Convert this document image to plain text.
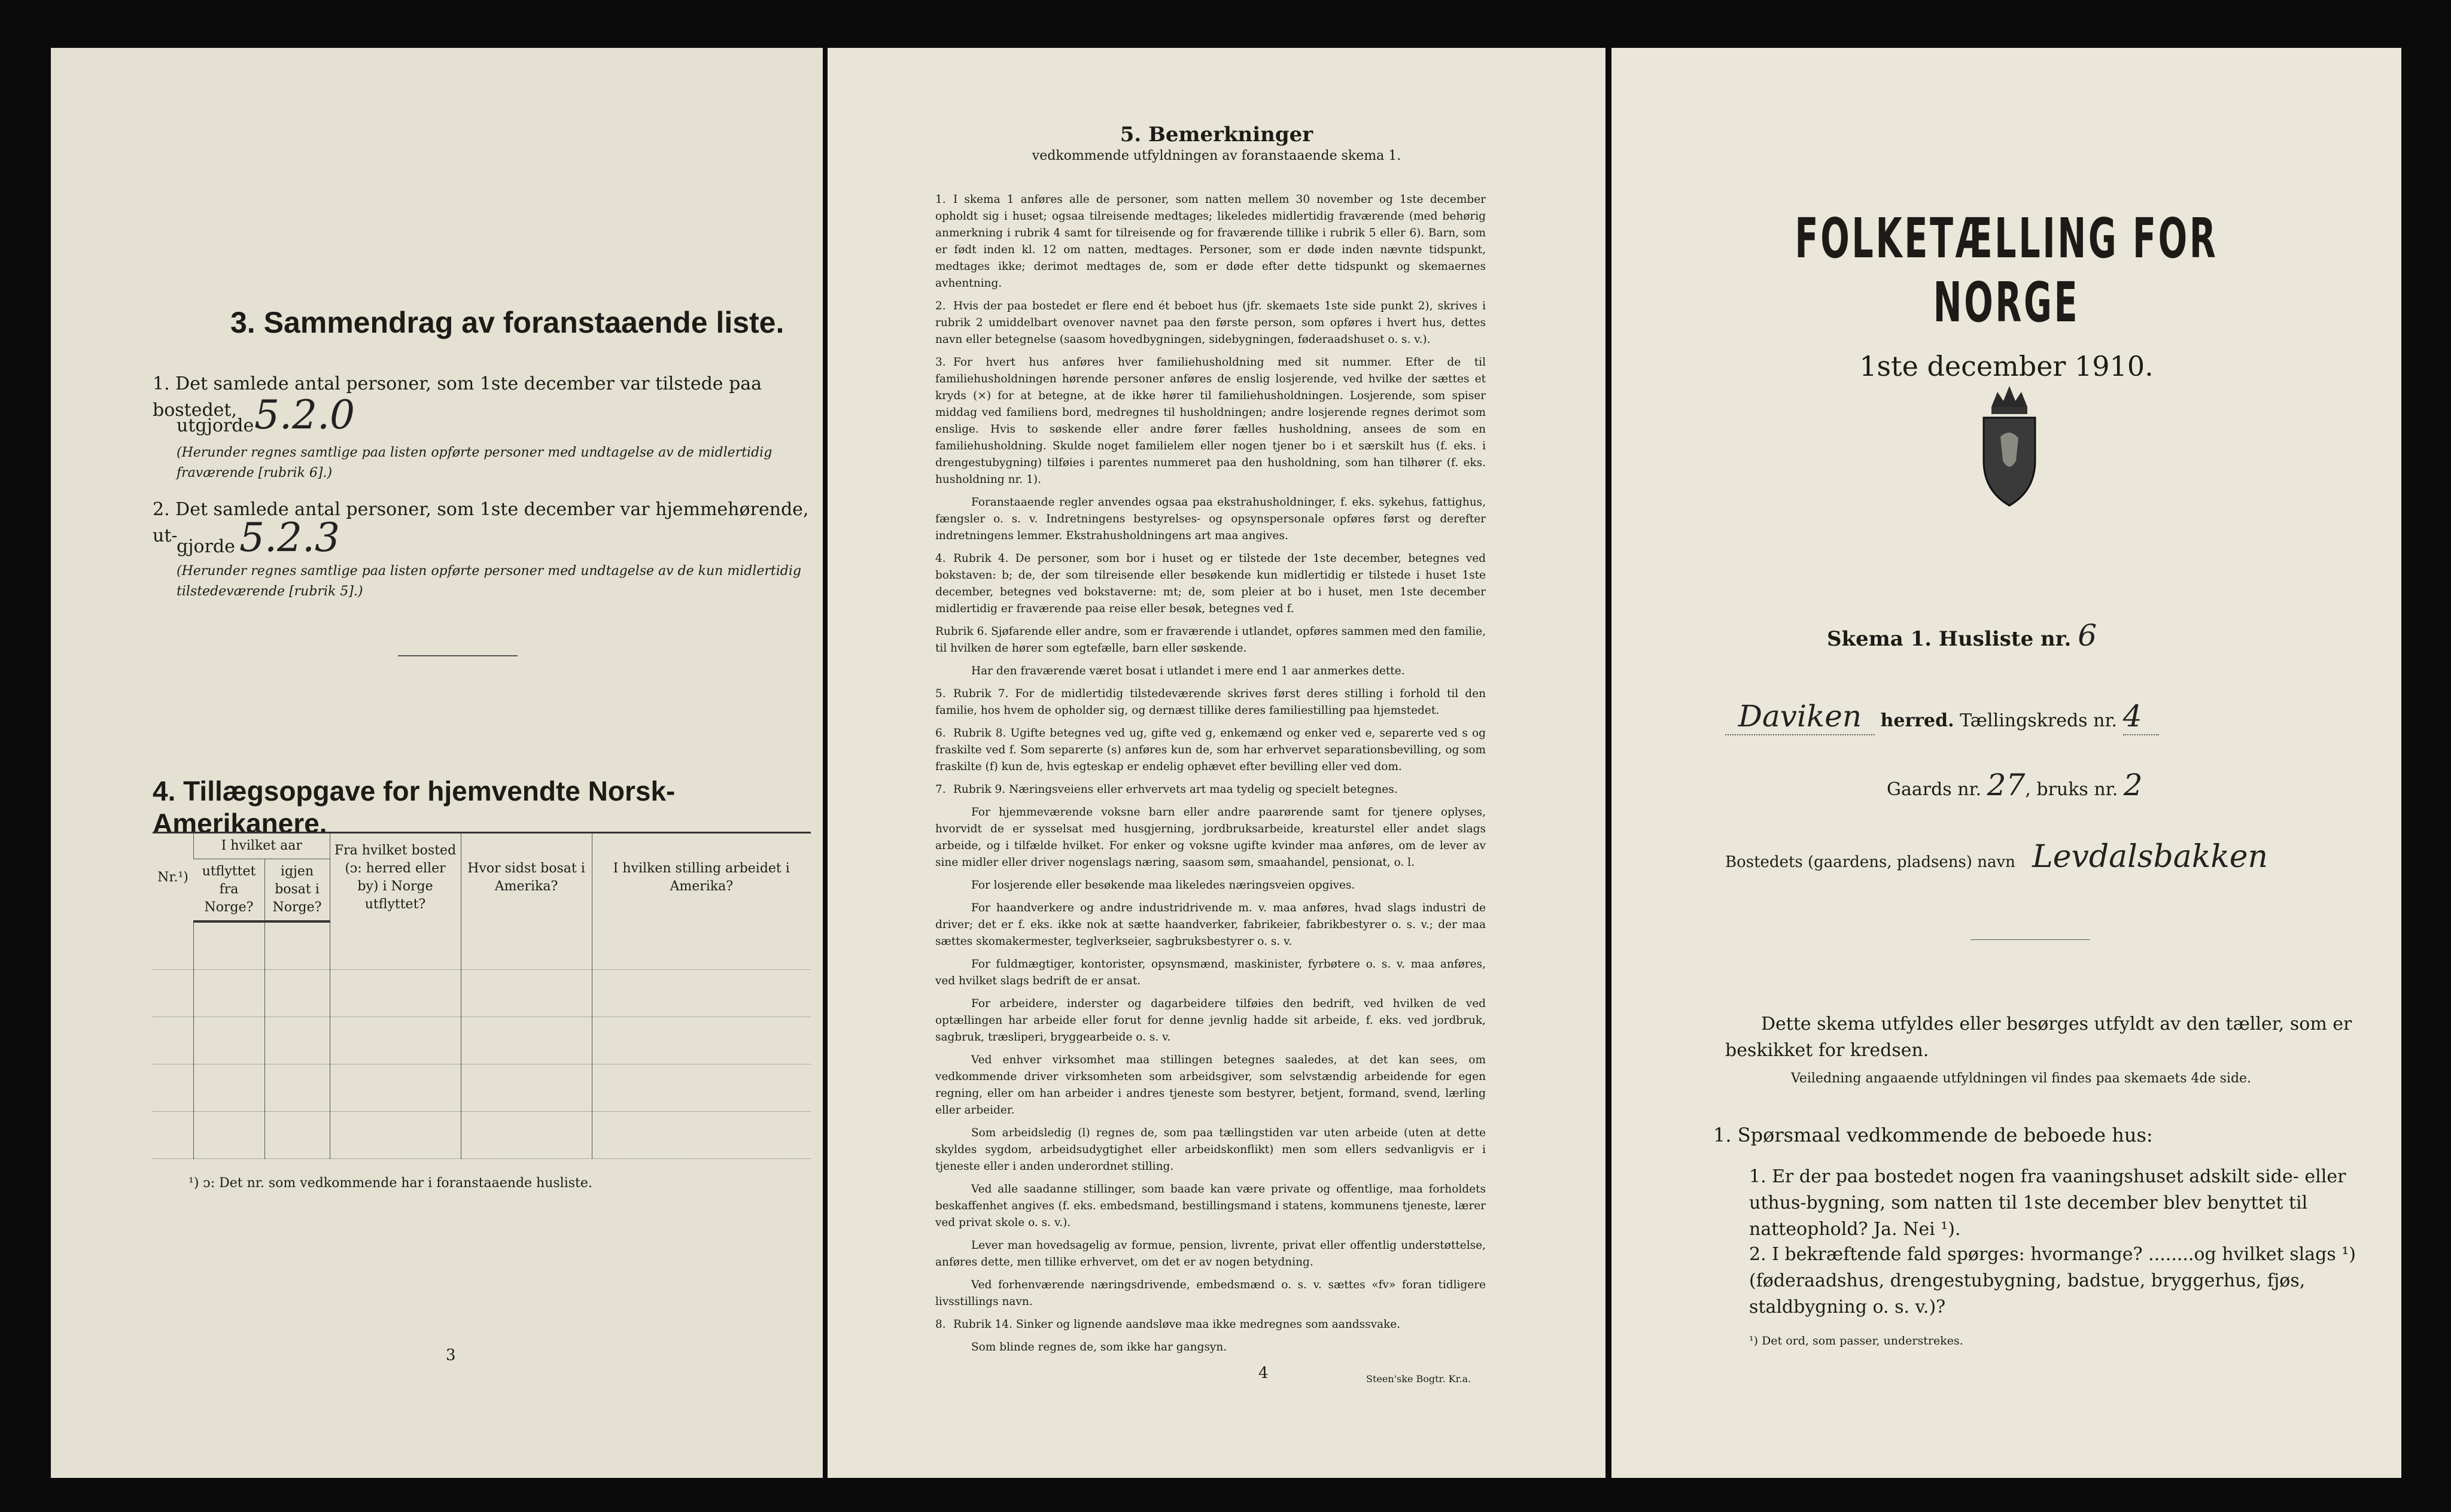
3. Sammendrag av foranstaaende liste.
1. Det samlede antal personer, som 1ste december var tilstede paa bostedet,
utgjorde 5.2.0
(Herunder regnes samtlige paa listen opførte personer med undtagelse av de midlertidig fraværende [rubrik 6].)
2. Det samlede antal personer, som 1ste december var hjemmehørende, ut-
gjorde 5.2.3
(Herunder regnes samtlige paa listen opførte personer med undtagelse av de kun midlertidig tilstedeværende [rubrik 5].)
4. Tillægsopgave for hjemvendte Norsk-Amerikanere.
Nr.¹)	I hvilket aar		Fra hvilket bosted (ᴐ: herred eller by) i Norge utflyttet?	Hvor sidst bosat i Amerika?	I hvilken stilling arbeidet i Amerika?
	utflyttet fra Norge?	igjen bosat i Norge?			

¹) ᴐ: Det nr. som vedkommende har i foranstaaende husliste.
3
5. Bemerkninger
vedkommende utfyldningen av foranstaaende skema 1.

1. I skema 1 anføres alle de personer, som natten mellem 30 november og 1ste december opholdt sig i huset; ogsaa tilreisende medtages; likeledes midlertidig fraværende (med behørig anmerkning i rubrik 4 samt for tilreisende og for fraværende tillike i rubrik 5 eller 6). Barn, som er født inden kl. 12 om natten, medtages. Personer, som er døde inden nævnte tidspunkt, medtages ikke; derimot medtages de, som er døde efter dette tidspunkt og skemaernes avhentning.

2. Hvis der paa bostedet er flere end ét beboet hus (jfr. skemaets 1ste side punkt 2), skrives i rubrik 2 umiddelbart ovenover navnet paa den første person, som opføres i hvert hus, dettes navn eller betegnelse (saasom hovedbygningen, sidebygningen, føderaadshuset o. s. v.).

3. For hvert hus anføres hver familiehusholdning med sit nummer. Efter de til familiehusholdningen hørende personer anføres de enslig losjerende, ved hvilke der sættes et kryds (×) for at betegne, at de ikke hører til familiehusholdningen. Losjerende, som spiser middag ved familiens bord, medregnes til husholdningen; andre losjerende regnes derimot som enslige. Hvis to søskende eller andre fører fælles husholdning, ansees de som en familiehusholdning. Skulde noget familielem eller nogen tjener bo i et særskilt hus (f. eks. i drengestubygning) tilføies i parentes nummeret paa den husholdning, som han tilhører (f. eks. husholdning nr. 1).

Foranstaaende regler anvendes ogsaa paa ekstrahusholdninger, f. eks. sykehus, fattighus, fængsler o. s. v. Indretningens bestyrelses- og opsynspersonale opføres først og derefter indretningens lemmer. Ekstrahusholdningens art maa angives.

4. Rubrik 4. De personer, som bor i huset og er tilstede der 1ste december, betegnes ved bokstaven: b; de, der som tilreisende eller besøkende kun midlertidig er tilstede i huset 1ste december, betegnes ved bokstaverne: mt; de, som pleier at bo i huset, men 1ste december midlertidig er fraværende paa reise eller besøk, betegnes ved f.

Rubrik 6. Sjøfarende eller andre, som er fraværende i utlandet, opføres sammen med den familie, til hvilken de hører som egtefælle, barn eller søskende.

Har den fraværende været bosat i utlandet i mere end 1 aar anmerkes dette.

5. Rubrik 7. For de midlertidig tilstedeværende skrives først deres stilling i forhold til den familie, hos hvem de opholder sig, og dernæst tillike deres familiestilling paa hjemstedet.

6. Rubrik 8. Ugifte betegnes ved ug, gifte ved g, enkemænd og enker ved e, separerte ved s og fraskilte ved f. Som separerte (s) anføres kun de, som har erhvervet separationsbevilling, og som fraskilte (f) kun de, hvis egteskap er endelig ophævet efter bevilling eller ved dom.

7. Rubrik 9. Næringsveiens eller erhvervets art maa tydelig og specielt betegnes.

For hjemmeværende voksne barn eller andre paarørende samt for tjenere oplyses, hvorvidt de er sysselsat med husgjerning, jordbruksarbeide, kreaturstel eller andet slags arbeide, og i tilfælde hvilket. For enker og voksne ugifte kvinder maa anføres, om de lever av sine midler eller driver nogenslags næring, saasom søm, smaahandel, pensionat, o. l.

For losjerende eller besøkende maa likeledes næringsveien opgives.

For haandverkere og andre industridrivende m. v. maa anføres, hvad slags industri de driver; det er f. eks. ikke nok at sætte haandverker, fabrikeier, fabrikbestyrer o. s. v.; der maa sættes skomakermester, teglverkseier, sagbruksbestyrer o. s. v.

For fuldmægtiger, kontorister, opsynsmænd, maskinister, fyrbøtere o. s. v. maa anføres, ved hvilket slags bedrift de er ansat.

For arbeidere, inderster og dagarbeidere tilføies den bedrift, ved hvilken de ved optællingen har arbeide eller forut for denne jevnlig hadde sit arbeide, f. eks. ved jordbruk, sagbruk, træsliperi, bryggearbeide o. s. v.

Ved enhver virksomhet maa stillingen betegnes saaledes, at det kan sees, om vedkommende driver virksomheten som arbeidsgiver, som selvstændig arbeidende for egen regning, eller om han arbeider i andres tjeneste som bestyrer, betjent, formand, svend, lærling eller arbeider.

Som arbeidsledig (l) regnes de, som paa tællingstiden var uten arbeide (uten at dette skyldes sygdom, arbeidsudygtighet eller arbeidskonflikt) men som ellers sedvanligvis er i tjeneste eller i anden underordnet stilling.

Ved alle saadanne stillinger, som baade kan være private og offentlige, maa forholdets beskaffenhet angives (f. eks. embedsmand, bestillingsmand i statens, kommunens tjeneste, lærer ved privat skole o. s. v.).

Lever man hovedsagelig av formue, pension, livrente, privat eller offentlig understøttelse, anføres dette, men tillike erhvervet, om det er av nogen betydning.

Ved forhenværende næringsdrivende, embedsmænd o. s. v. sættes «fv» foran tidligere livsstillings navn.

8. Rubrik 14. Sinker og lignende aandsløve maa ikke medregnes som aandssvake.

Som blinde regnes de, som ikke har gangsyn.

4	Steen'ske Bogtr. Kr.a.
FOLKETÆLLING FOR NORGE
1ste december 1910.
Skema 1. Husliste nr. 6
Daviken herred. Tællingskreds nr. 4
Gaards nr. 27, bruks nr. 2
Bostedets (gaardens, pladsens) navn Levdalsbakken
Dette skema utfyldes eller besørges utfyldt av den tæller, som er beskikket for kredsen.
Veiledning angaaende utfyldningen vil findes paa skemaets 4de side.
1. Spørsmaal vedkommende de beboede hus:
1. Er der paa bostedet nogen fra vaaningshuset adskilt side- eller uthus-bygning, som natten til 1ste december blev benyttet til natteophold? Ja. Nei ¹).
2. I bekræftende fald spørges: hvormange? ........og hvilket slags ¹) (føderaadshus, drengestubygning, badstue, bryggerhus, fjøs, staldbygning o. s. v.)?
¹) Det ord, som passer, understrekes.
